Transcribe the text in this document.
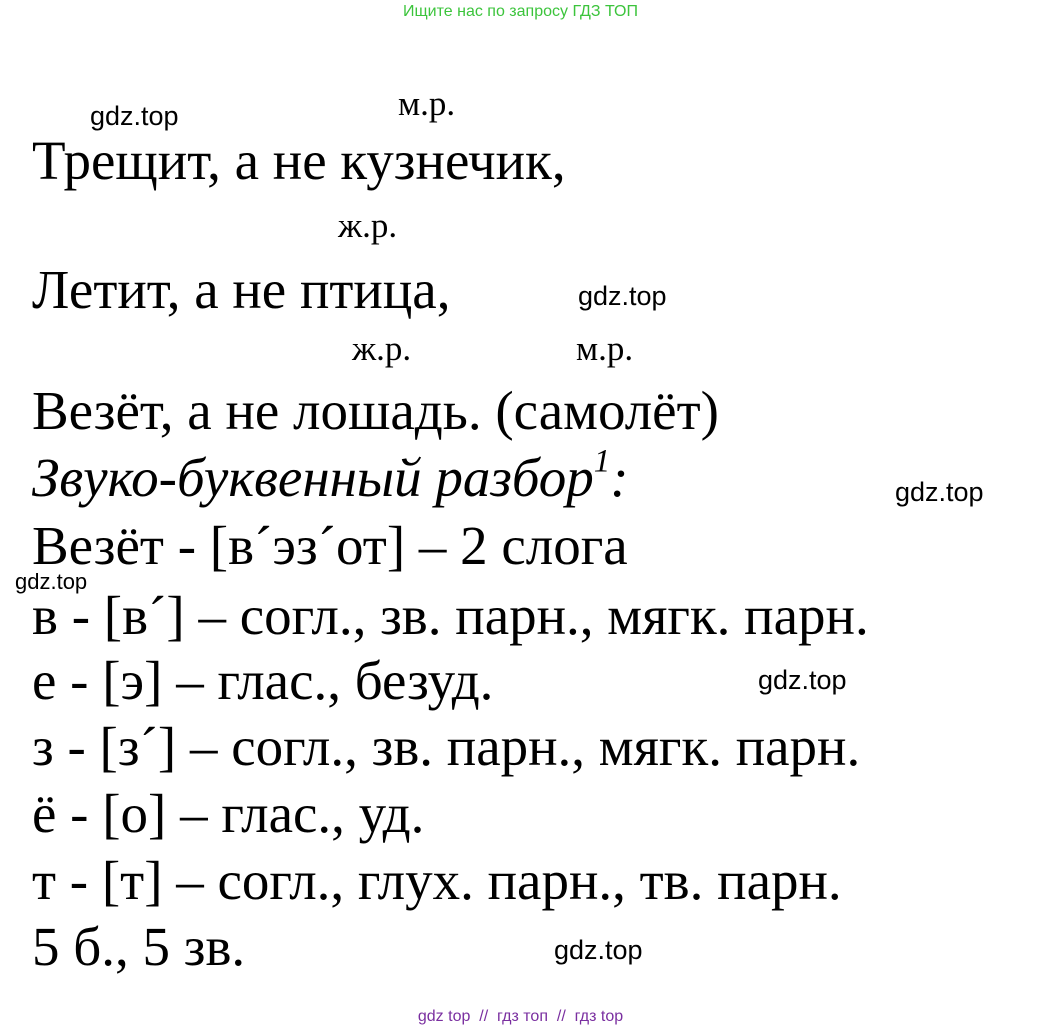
Ищите нас по запросу ГДЗ ТОП
gdz.top
gdz.top
gdz.top
gdz.top
gdz.top
gdz.top
м.р.
ж.р.
ж.р.	м.р.
Трещит, а не кузнечик,
Летит, а не птица,
Везёт, а не лошадь. (самолёт)
Звуко-буквенный разбор$^1$:
Везёт - [в´эз´от] – 2 слога
в - [в´] – согл., зв. парн., мягк. парн.
е - [э] – глас., безуд.
з - [з´] – согл., зв. парн., мягк. парн.
ё - [о] – глас., уд.
т - [т] – согл., глух. парн., тв. парн.
5 б., 5 зв.
gdz top  //  гдз топ  //  гдз top
